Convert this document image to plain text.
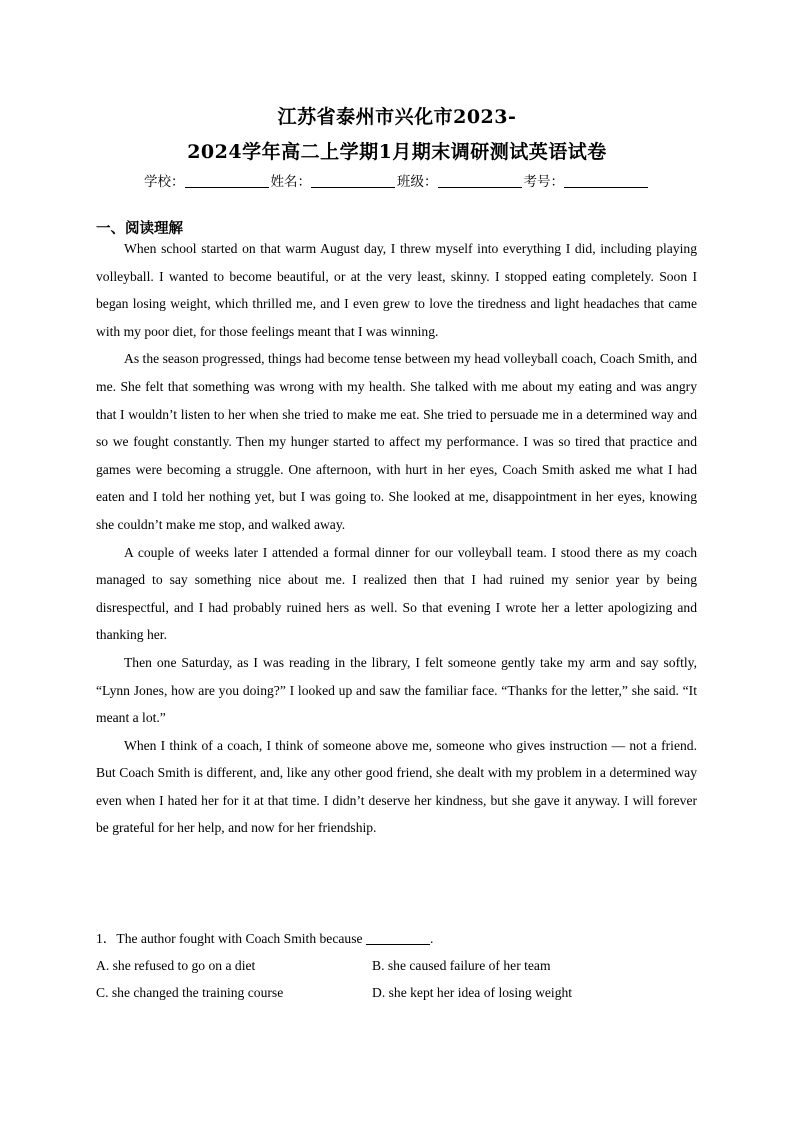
江苏省泰州市兴化市2023-
2024学年高二上学期1月期末调研测试英语试卷
学校：	姓名：	班级：	考号：
一、阅读理解

When school started on that warm August day, I threw myself into everything I did, including playing volleyball. I wanted to become beautiful, or at the very least, skinny. I stopped eating completely. Soon I began losing weight, which thrilled me, and I even grew to love the tiredness and light headaches that came with my poor diet, for those feelings meant that I was winning.

As the season progressed, things had become tense between my head volleyball coach, Coach Smith, and me. She felt that something was wrong with my health. She talked with me about my eating and was angry that I wouldn’t listen to her when she tried to make me eat. She tried to persuade me in a determined way and so we fought constantly. Then my hunger started to affect my performance. I was so tired that practice and games were becoming a struggle. One afternoon, with hurt in her eyes, Coach Smith asked me what I had eaten and I told her nothing yet, but I was going to. She looked at me, disappointment in her eyes, knowing she couldn’t make me stop, and walked away.

A couple of weeks later I attended a formal dinner for our volleyball team. I stood there as my coach managed to say something nice about me. I realized then that I had ruined my senior year by being disrespectful, and I had probably ruined hers as well. So that evening I wrote her a letter apologizing and thanking her.

Then one Saturday, as I was reading in the library, I felt someone gently take my arm and say softly, “Lynn Jones, how are you doing?” I looked up and saw the familiar face. “Thanks for the letter,” she said. “It meant a lot.”

When I think of a coach, I think of someone above me, someone who gives instruction — not a friend. But Coach Smith is different, and, like any other good friend, she dealt with my problem in a determined way even when I hated her for it at that time. I didn’t deserve her kindness, but she gave it anyway. I will forever be grateful for her help, and now for her friendship.

1．The author fought with Coach Smith because	.
A. she refused to go on a diet	B. she caused failure of her team
C. she changed the training course	D. she kept her idea of losing weight
